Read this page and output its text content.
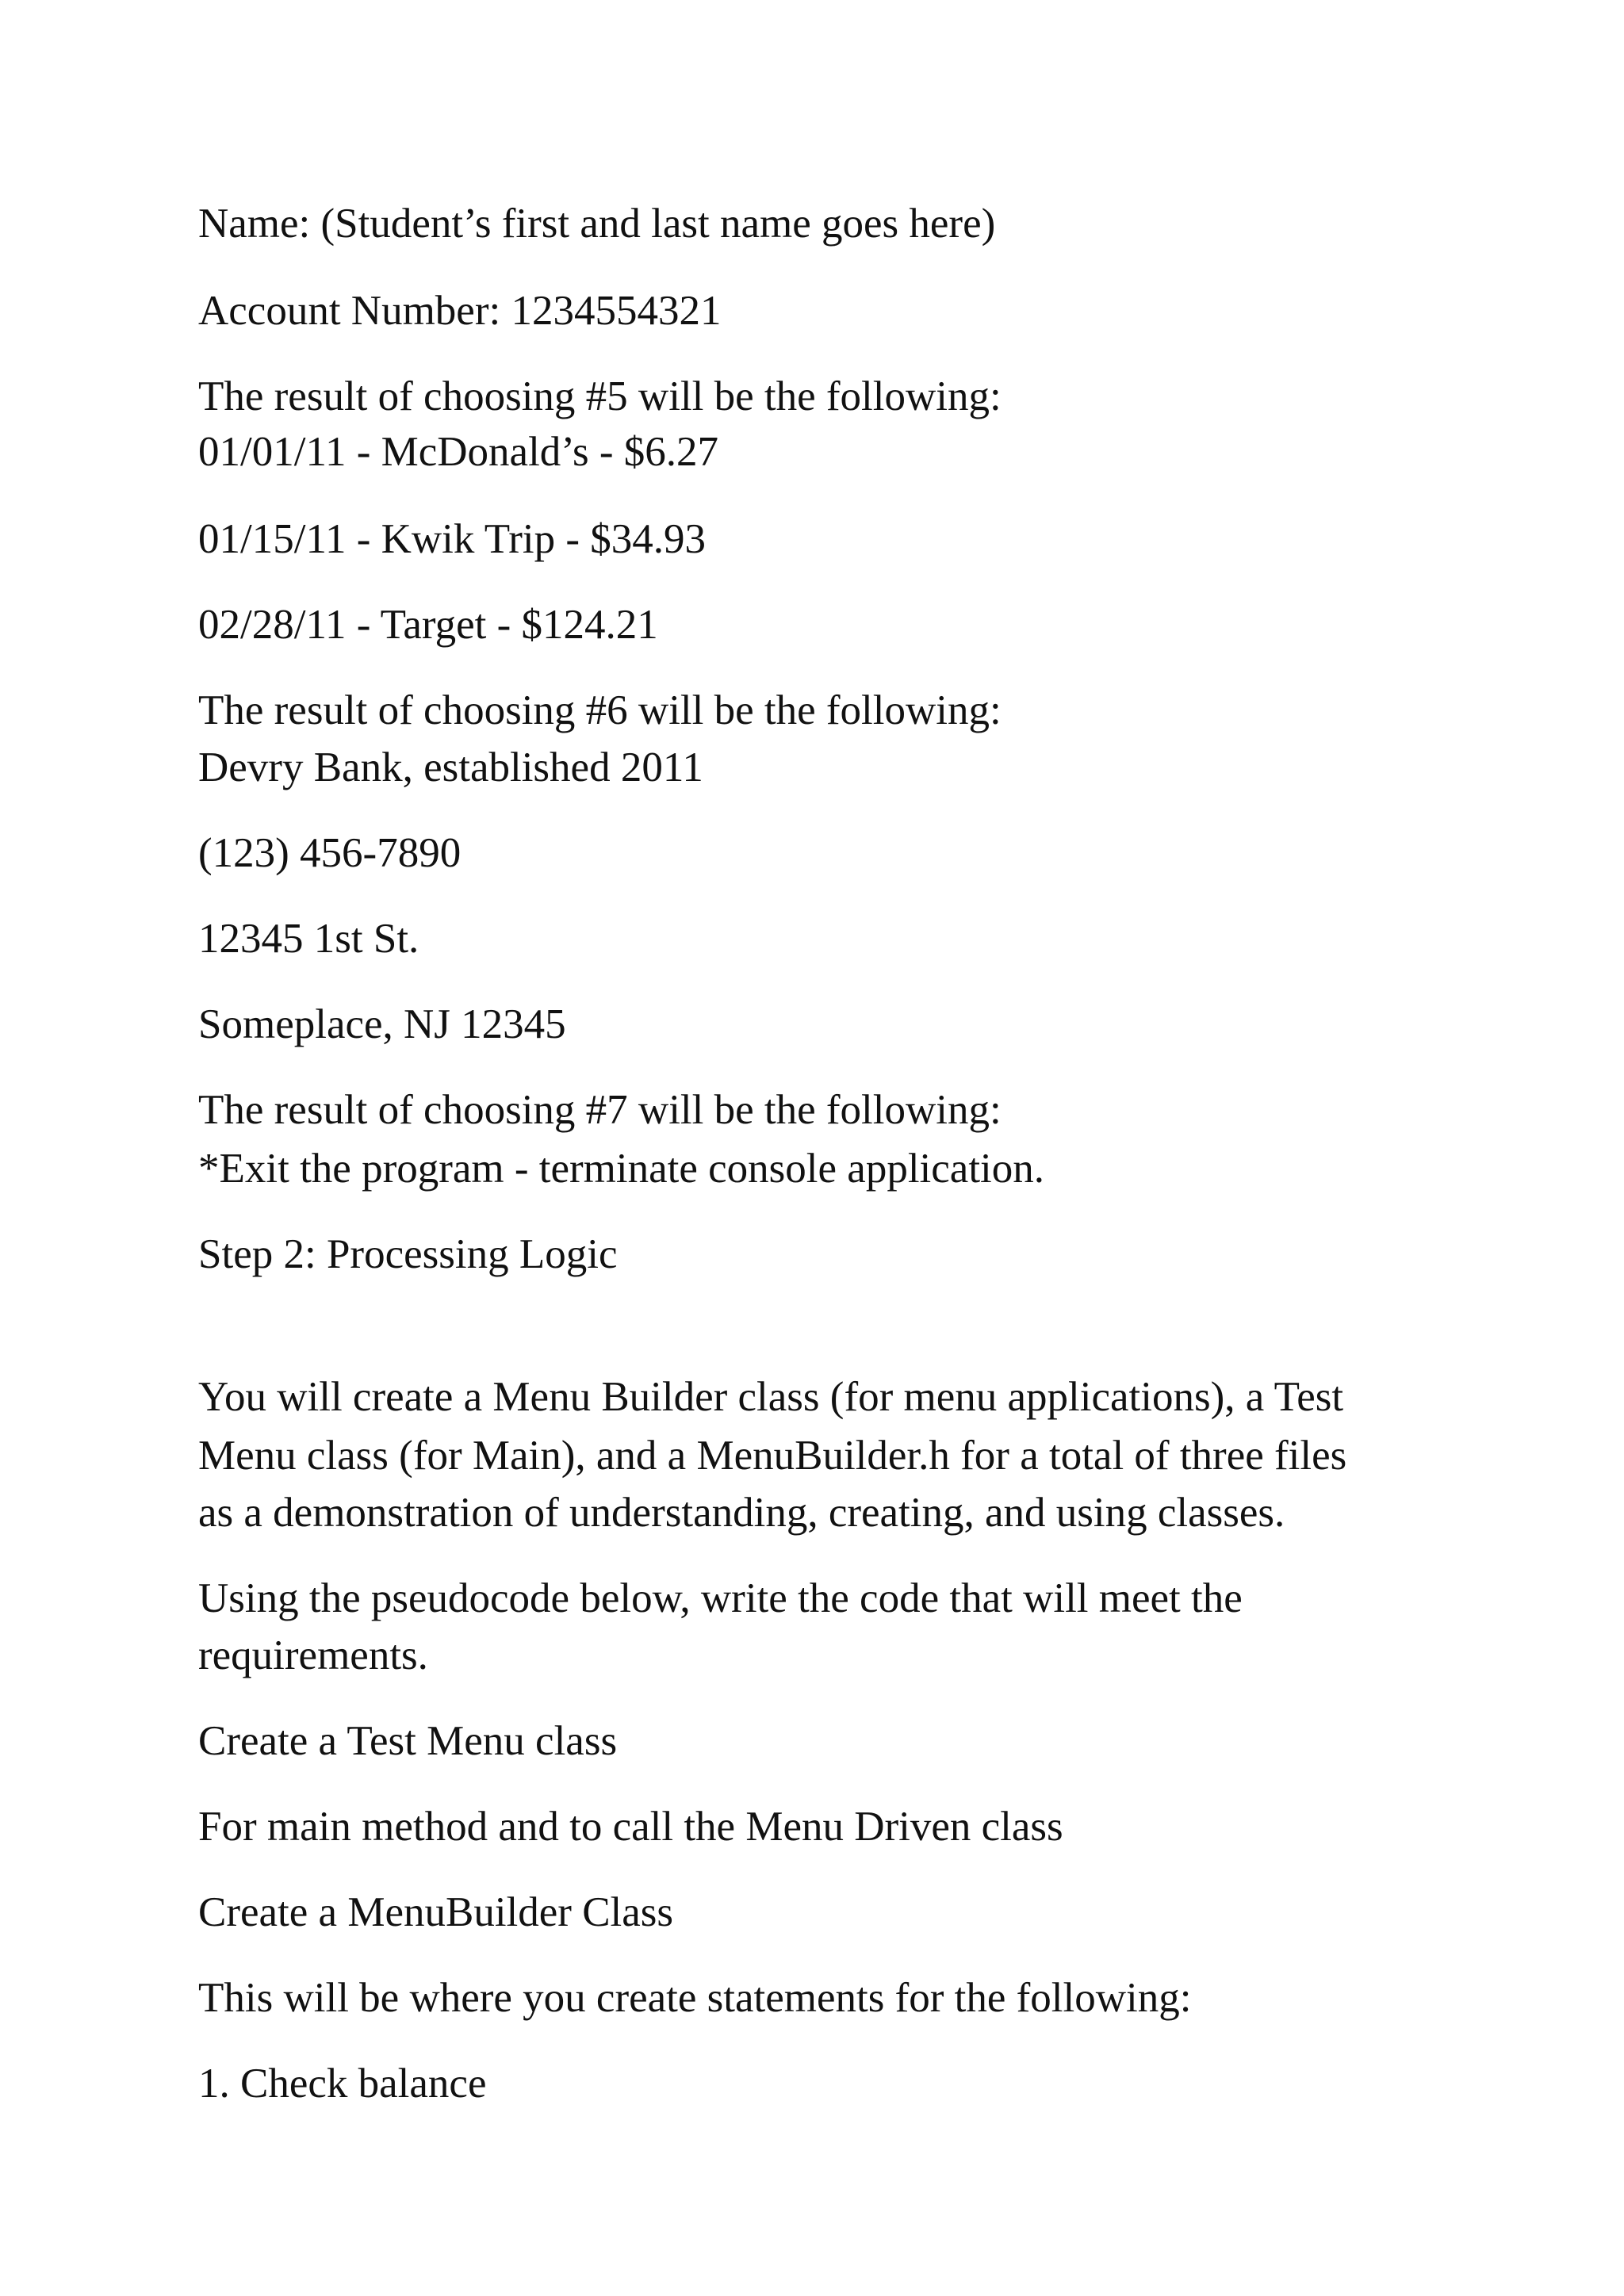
Name: (Student’s first and last name goes here)

Account Number: 1234554321

The result of choosing #5 will be the following:

01/01/11 - McDonald’s - $6.27

01/15/11 - Kwik Trip - $34.93

02/28/11 - Target - $124.21

The result of choosing #6 will be the following:

Devry Bank, established 2011

(123) 456-7890

12345 1st St.

Someplace, NJ 12345

The result of choosing #7 will be the following:

*Exit the program - terminate console application.

Step 2: Processing Logic

You will create a Menu Builder class (for menu applications), a Test

Menu class (for Main), and a MenuBuilder.h for a total of three files

as a demonstration of understanding, creating, and using classes.

Using the pseudocode below, write the code that will meet the

requirements.

Create a Test Menu class

For main method and to call the Menu Driven class

Create a MenuBuilder Class

This will be where you create statements for the following:

1. Check balance
